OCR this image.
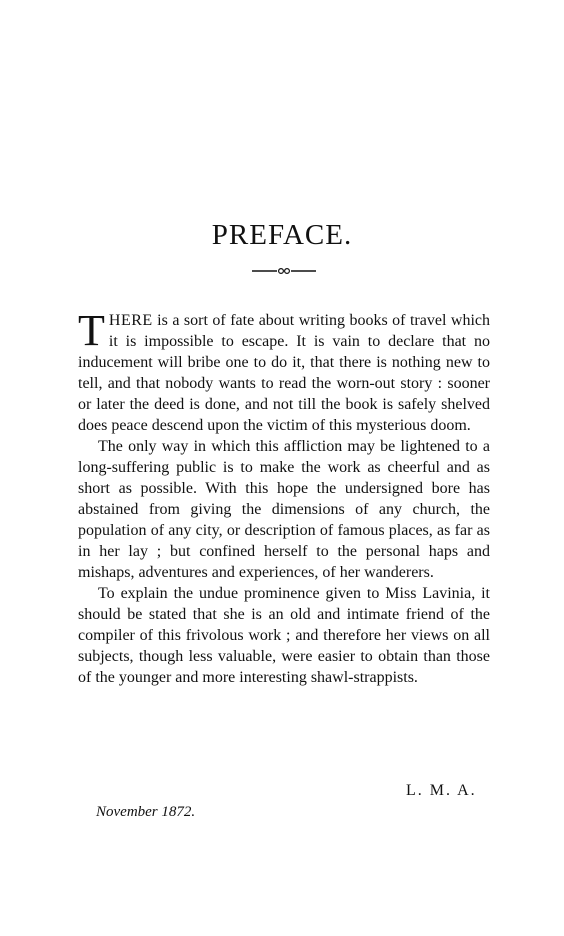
PREFACE.

THERE is a sort of fate about writing books of travel which it is impossible to escape. It is vain to declare that no inducement will bribe one to do it, that there is nothing new to tell, and that nobody wants to read the worn-out story : sooner or later the deed is done, and not till the book is safely shelved does peace descend upon the victim of this mysterious doom.

The only way in which this affliction may be lightened to a long-suffering public is to make the work as cheerful and as short as possible. With this hope the undersigned bore has abstained from giving the dimensions of any church, the population of any city, or description of famous places, as far as in her lay ; but confined herself to the personal haps and mishaps, adventures and experiences, of her wanderers.

To explain the undue prominence given to Miss Lavinia, it should be stated that she is an old and intimate friend of the compiler of this frivolous work ; and therefore her views on all subjects, though less valuable, were easier to obtain than those of the younger and more interesting shawl-strappists.

L. M. A.
November 1872.
